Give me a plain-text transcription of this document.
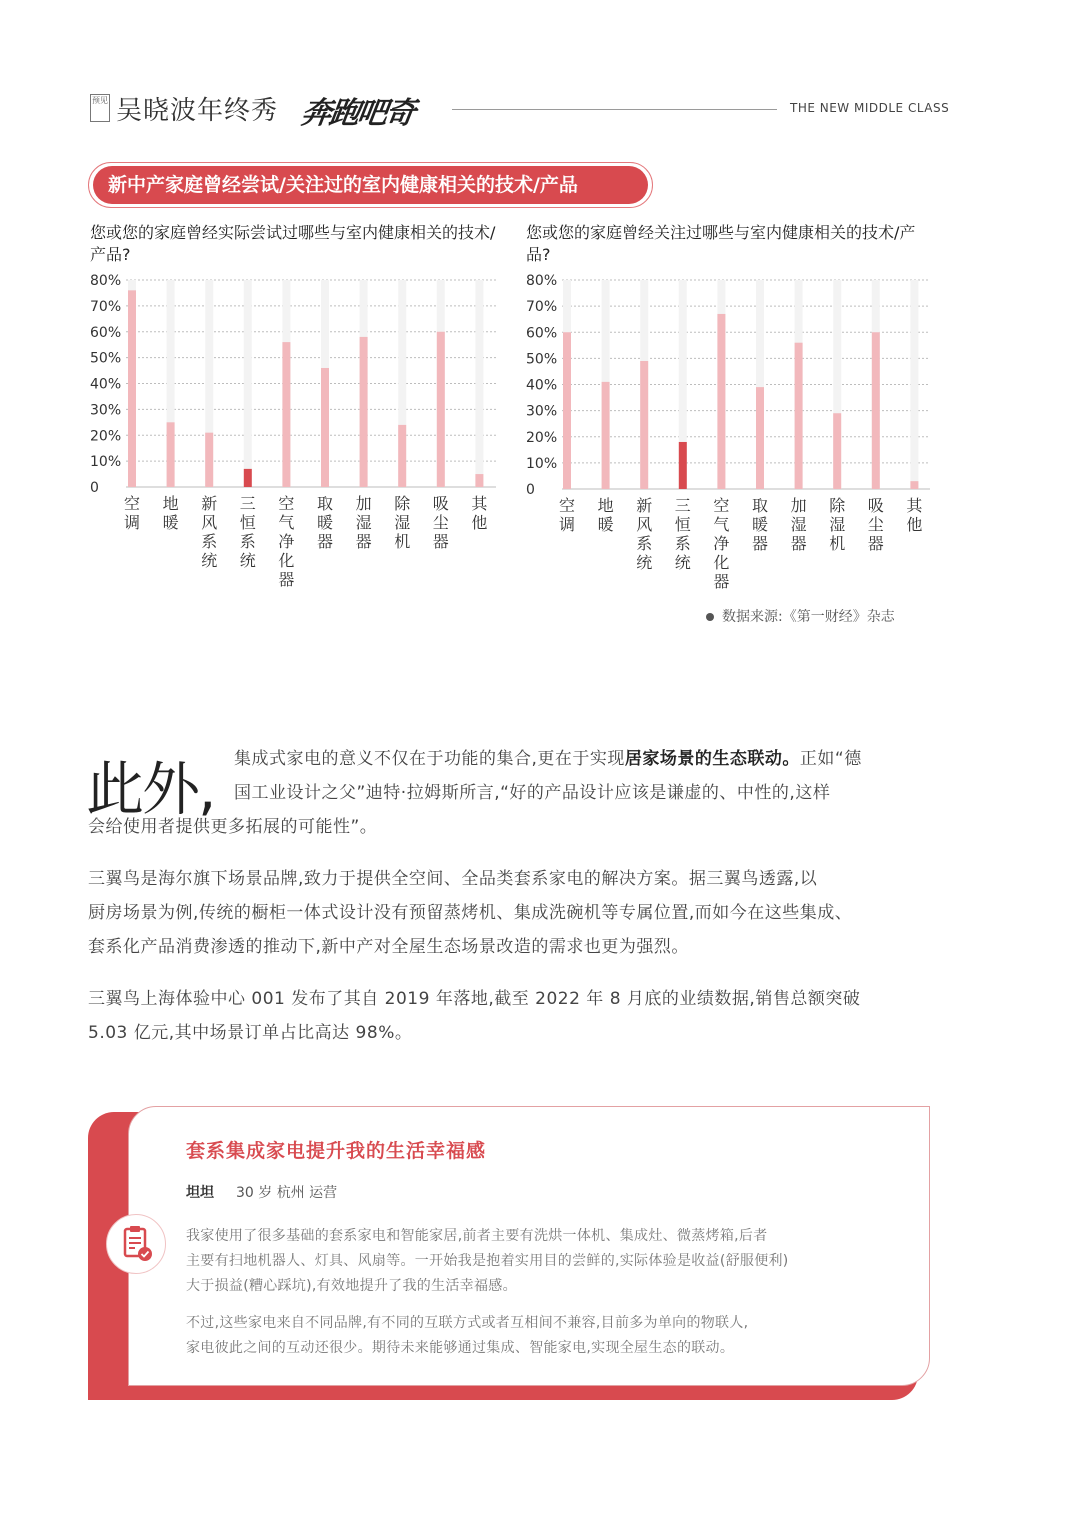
预见 吴晓波年终秀 奔跑吧奇	THE NEW MIDDLE CLASS
新中产家庭曾经尝试/关注过的室内健康相关的技术/产品
您或您的家庭曾经实际尝试过哪些与室内健康相关的技术/产品?
您或您的家庭曾经关注过哪些与室内健康相关的技术/产品?
0
10%
20%
30%
40%
50%
60%
70%
80%
空
调
地
暖
新
风
系
统
三
恒
系
统
空
气
净
化
器
取
暖
器
加
湿
器
除
湿
机
吸
尘
器
其
他
0
10%
20%
30%
40%
50%
60%
70%
80%
空
调
地
暖
新
风
系
统
三
恒
系
统
空
气
净
化
器
取
暖
器
加
湿
器
除
湿
机
吸
尘
器
其
他
数据来源:《第一财经》杂志
此外, 集成式家电的意义不仅在于功能的集合,更在于实现居家场景的生态联动。正如“德
国工业设计之父”迪特·拉姆斯所言,“好的产品设计应该是谦虚的、中性的,这样
会给使用者提供更多拓展的可能性”。
三翼鸟是海尔旗下场景品牌,致力于提供全空间、全品类套系家电的解决方案。据三翼鸟透露,以
厨房场景为例,传统的橱柜一体式设计没有预留蒸烤机、集成洗碗机等专属位置,而如今在这些集成、
套系化产品消费渗透的推动下,新中产对全屋生态场景改造的需求也更为强烈。
三翼鸟上海体验中心 001 发布了其自 2019 年落地,截至 2022 年 8 月底的业绩数据,销售总额突破
5.03 亿元,其中场景订单占比高达 98%。
套系集成家电提升我的生活幸福感
坦坦 30 岁 杭州 运营
我家使用了很多基础的套系家电和智能家居,前者主要有洗烘一体机、集成灶、微蒸烤箱,后者
主要有扫地机器人、灯具、风扇等。一开始我是抱着实用目的尝鲜的,实际体验是收益(舒服便利)
大于损益(糟心踩坑),有效地提升了我的生活幸福感。
不过,这些家电来自不同品牌,有不同的互联方式或者互相间不兼容,目前多为单向的物联人,
家电彼此之间的互动还很少。期待未来能够通过集成、智能家电,实现全屋生态的联动。
